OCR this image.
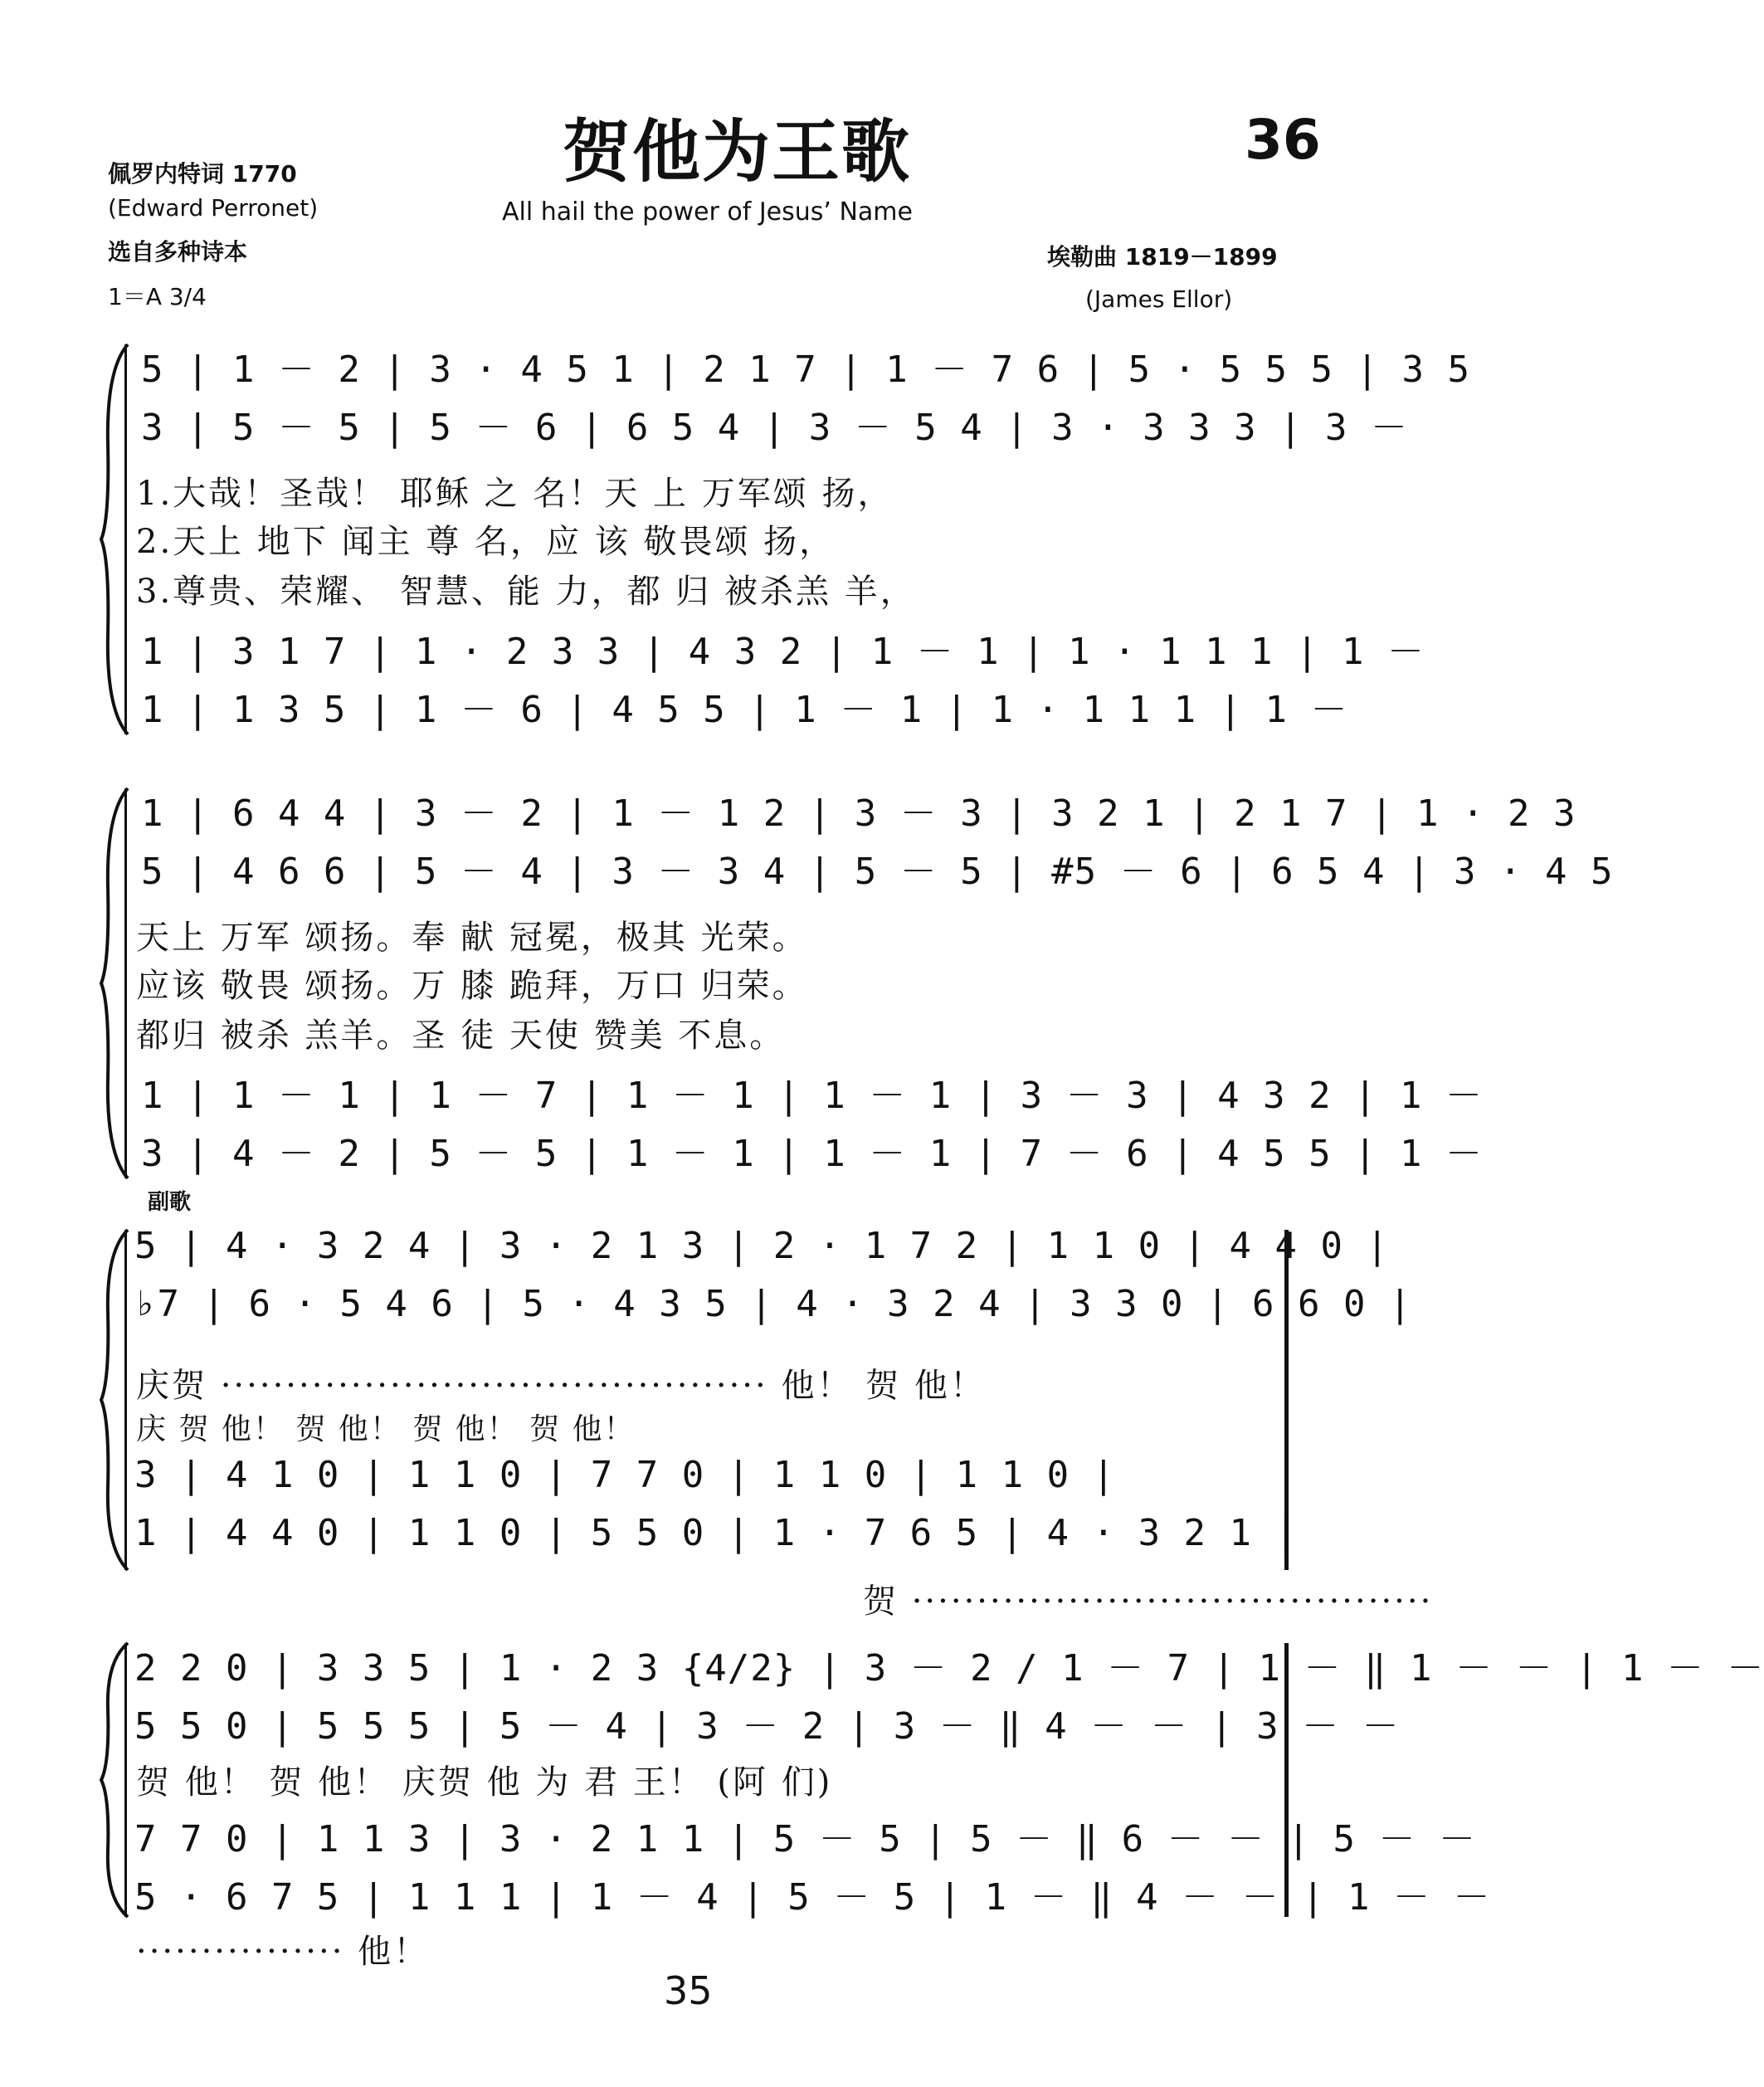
贺他为王歌	36
All hail the power of Jesus’ Name
佩罗内特词 1770
(Edward Perronet)
选自多种诗本
1＝A 3/4
埃勒曲 1819－1899
(James Ellor)
5 | 1 － 2 | 3 · 4 5 1 | 2 1 7 | 1 － 7 6 | 5 · 5 5 5 | 3 5
3 | 5 － 5 | 5 － 6 | 6 5 4 | 3 － 5 4 | 3 · 3 3 3 | 3 －
1.大哉！圣哉！ 耶稣 之 名！天 上 万军颂 扬，
2.天上 地下 闻主 尊 名，应 该 敬畏颂 扬，
3.尊贵、荣耀、 智慧、能 力，都 归 被杀羔 羊，
1 | 3 1 7 | 1 · 2 3 3 | 4 3 2 | 1 － 1 | 1 · 1 1 1 | 1 －
1 | 1 3 5 | 1 － 6 | 4 5 5 | 1 － 1 | 1 · 1 1 1 | 1 －
1 | 6 4 4 | 3 － 2 | 1 － 1 2 | 3 － 3 | 3 2 1 | 2 1 7 | 1 · 2 3
5 | 4 6 6 | 5 － 4 | 3 － 3 4 | 5 － 5 | #5 － 6 | 6 5 4 | 3 · 4 5
天上 万军 颂扬。奉 献 冠冕，极其 光荣。
应该 敬畏 颂扬。万 膝 跪拜，万口 归荣。
都归 被杀 羔羊。圣 徒 天使 赞美 不息。
1 | 1 － 1 | 1 － 7 | 1 － 1 | 1 － 1 | 3 － 3 | 4 3 2 | 1 －
3 | 4 － 2 | 5 － 5 | 1 － 1 | 1 － 1 | 7 － 6 | 4 5 5 | 1 －
副歌
5 | 4 · 3 2 4 | 3 · 2 1 3 | 2 · 1 7 2 | 1 1 0 | 4 4 0 |
♭7 | 6 · 5 4 6 | 5 · 4 3 5 | 4 · 3 2 4 | 3 3 0 | 6 6 0 |
庆贺 ·········································· 他！ 贺 他！
庆 贺 他！ 贺 他！ 贺 他！ 贺 他！
3 | 4 1 0 | 1 1 0 | 7 7 0 | 1 1 0 | 1 1 0 |
1 | 4 4 0 | 1 1 0 | 5 5 0 | 1 · 7 6 5 | 4 · 3 2 1 |
贺 ········································
2 2 0 | 3 3 5 | 1 · 2 3 {4/2} | 3 － 2 / 1 － 7 | 1 － ‖ 1 － － | 1 － －
5 5 0 | 5 5 5 | 5 － 4 | 3 － 2 | 3 － ‖ 4 － － | 3 － －
贺 他！ 贺 他！ 庆贺 他 为 君 王！ (阿 们)
7 7 0 | 1 1 3 | 3 · 2 1 1 | 5 － 5 | 5 － ‖ 6 － － | 5 － －
5 · 6 7 5 | 1 1 1 | 1 － 4 | 5 － 5 | 1 － ‖ 4 － － | 1 － －
················ 他！
35
